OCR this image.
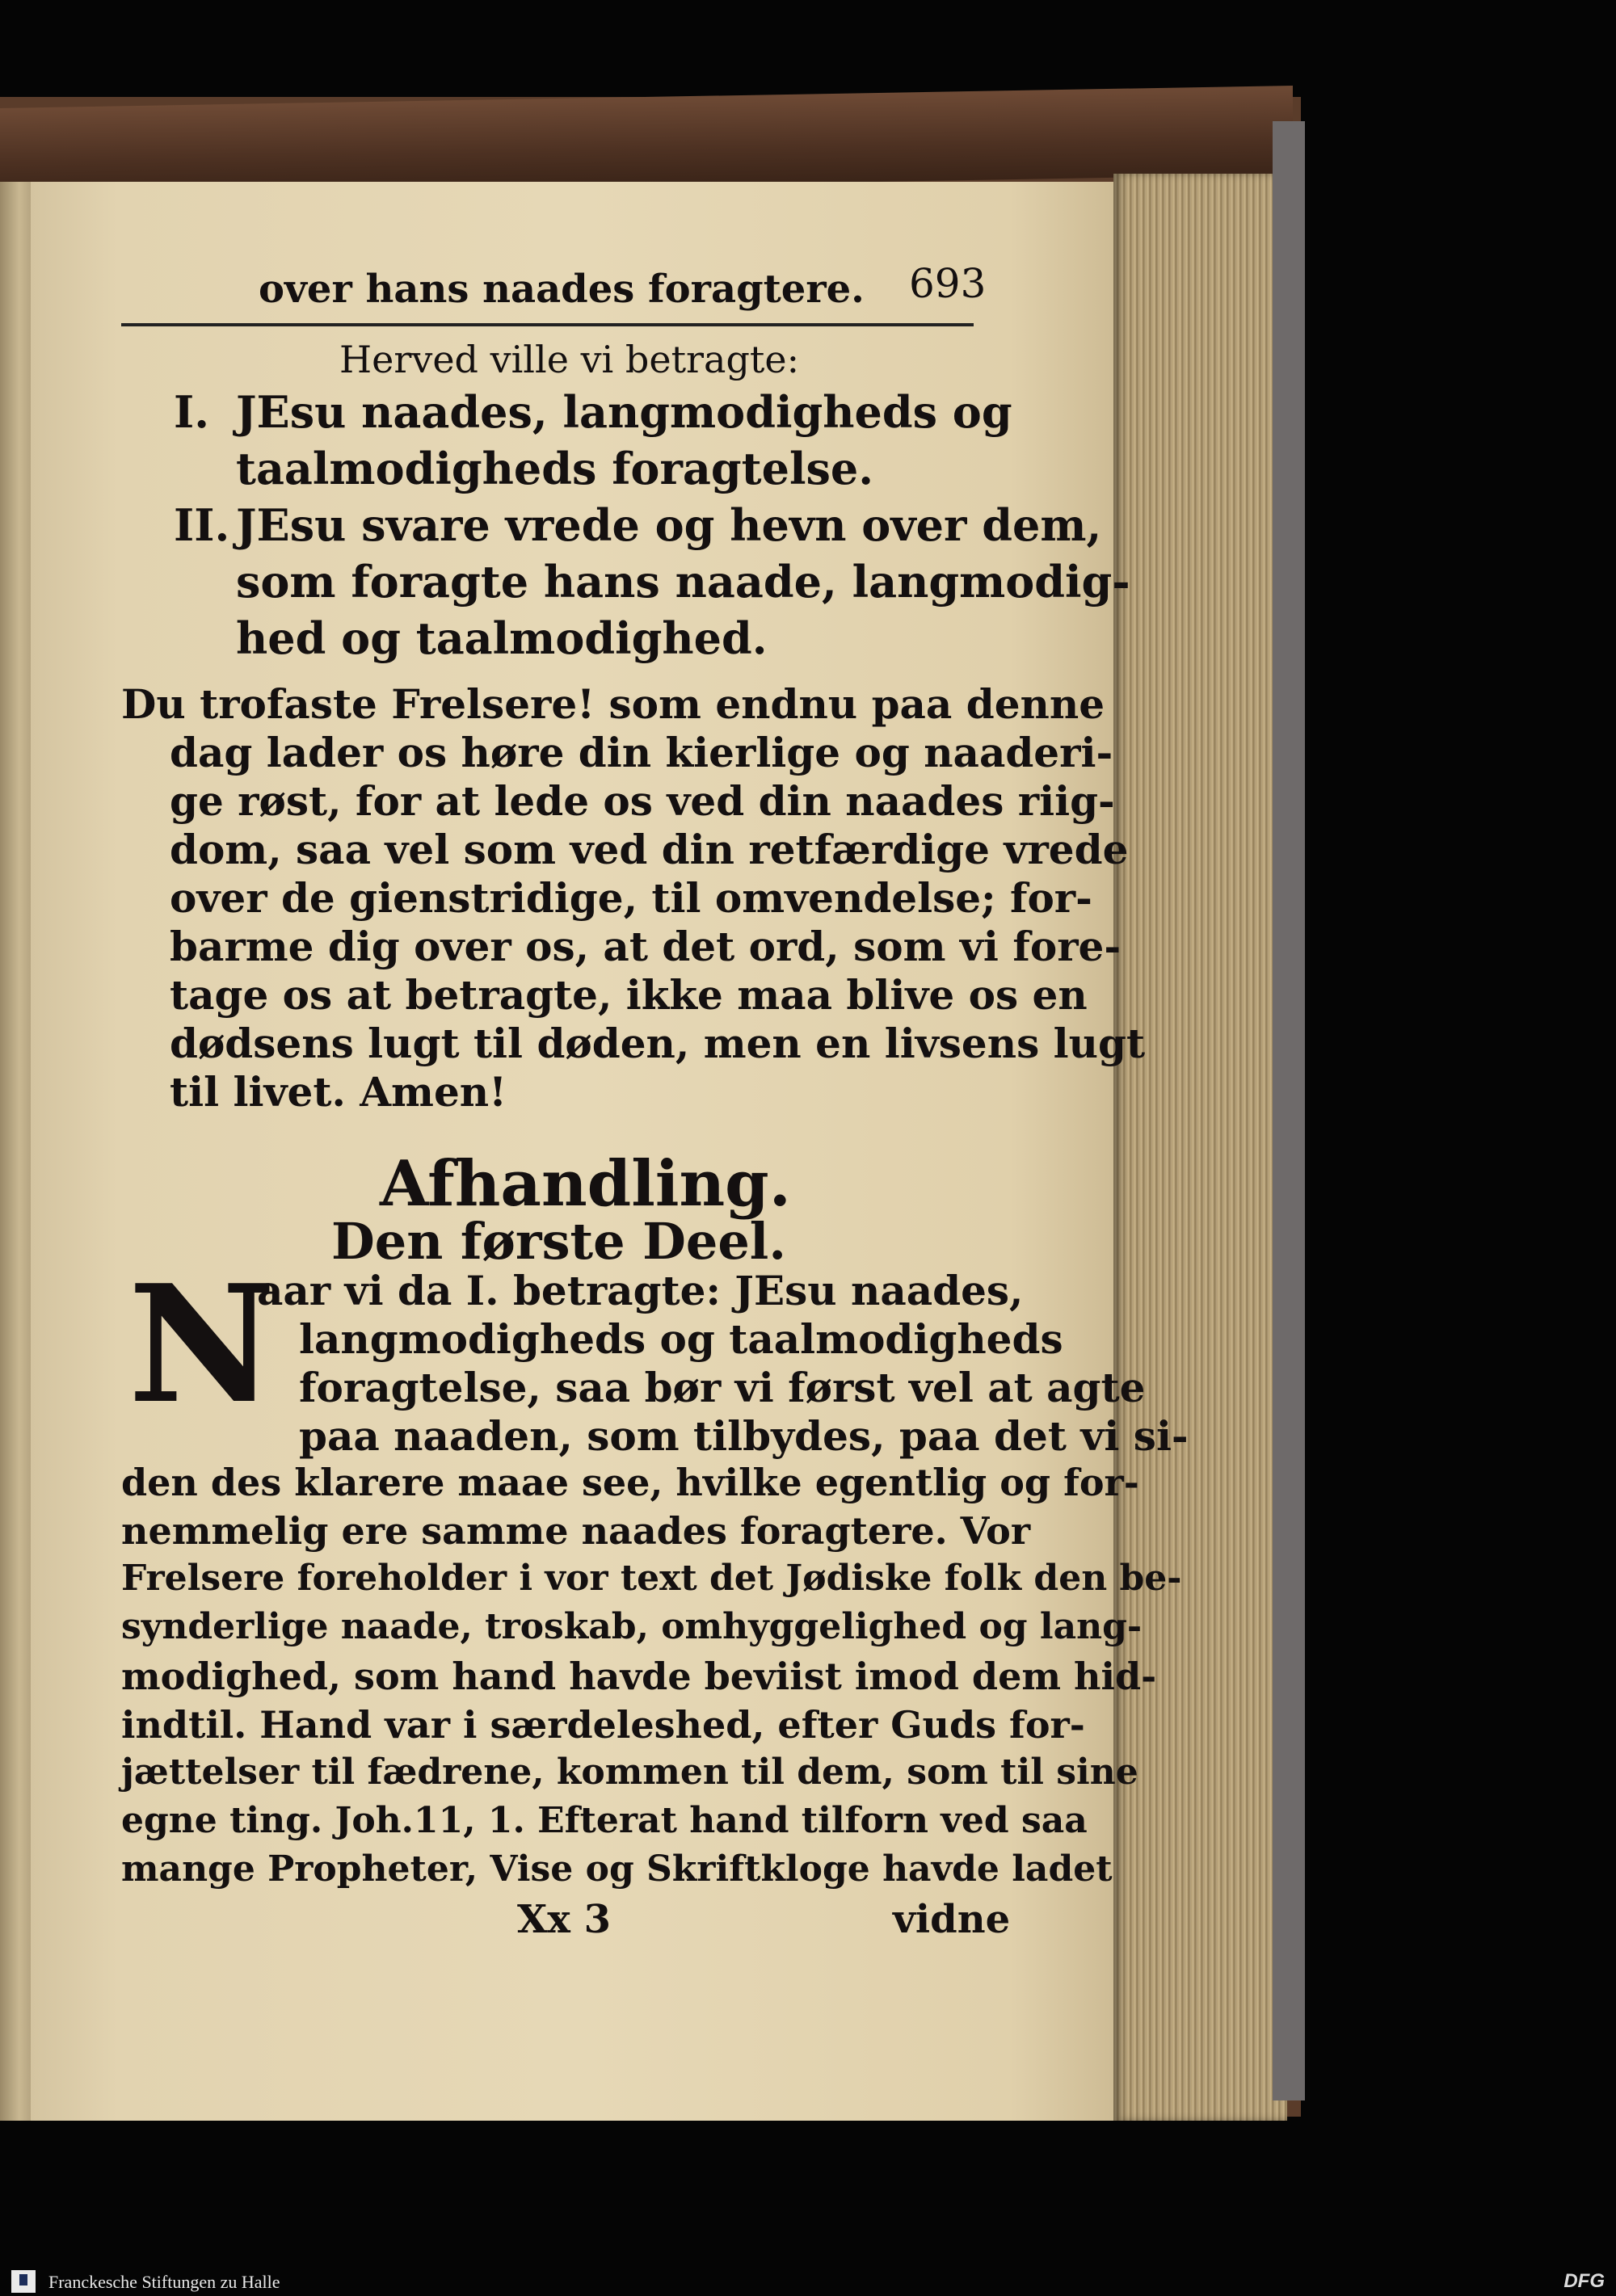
over hans naades foragtere. 693
Herved ville vi betragte:
I. JEsu naades, langmodigheds og
taalmodigheds foragtelse.
II. JEsu svare vrede og hevn over dem,
som foragte hans naade, langmodig-
hed og taalmodighed.
Du trofaste Frelsere! som endnu paa denne
dag lader os høre din kierlige og naaderi-
ge røst, for at lede os ved din naades riig-
dom, saa vel som ved din retfærdige vrede
over de gienstridige, til omvendelse; for-
barme dig over os, at det ord, som vi fore-
tage os at betragte, ikke maa blive os en
dødsens lugt til døden, men en livsens lugt
til livet. Amen!
Afhandling.
Den første Deel.
N
aar vi da I. betragte: JEsu naades,
langmodigheds og taalmodigheds
foragtelse, saa bør vi først vel at agte
paa naaden, som tilbydes, paa det vi si-
den des klarere maae see, hvilke egentlig og for-
nemmelig ere samme naades foragtere. Vor
Frelsere foreholder i vor text det Jødiske folk den be-
synderlige naade, troskab, omhyggelighed og lang-
modighed, som hand havde beviist imod dem hid-
indtil. Hand var i særdeleshed, efter Guds for-
jættelser til fædrene, kommen til dem, som til sine
egne ting. Joh.11, 1. Efterat hand tilforn ved saa
mange Propheter, Vise og Skriftkloge havde ladet
Xx 3	vidne
Franckesche Stiftungen zu Halle	DFG
